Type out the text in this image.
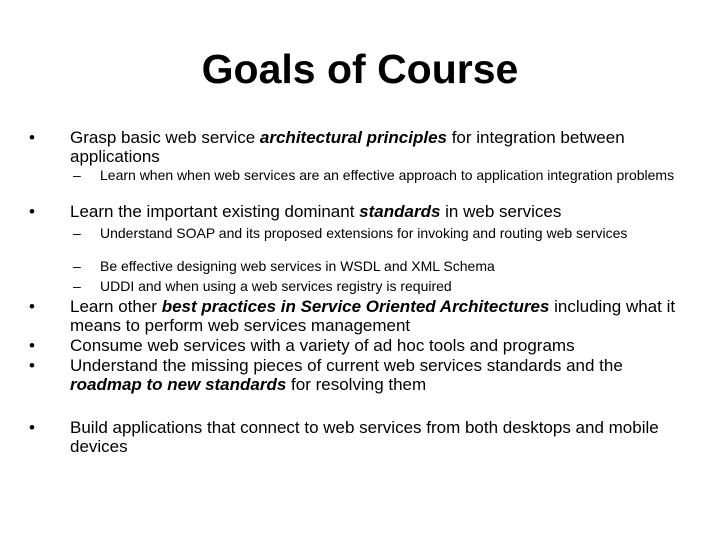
Goals of Course
• Grasp basic web service architectural principles for integration between applications
– Learn when when web services are an effective approach to application integration problems
• Learn the important existing dominant standards in web services
– Understand SOAP and its proposed extensions for invoking and routing web services
– Be effective designing web services in WSDL and XML Schema
– UDDI and when using a web services registry is required
• Learn other best practices in Service Oriented Architectures including what it means to perform web services management
• Consume web services with a variety of ad hoc tools and programs
• Understand the missing pieces of current web services standards and the roadmap to new standards for resolving them
• Build applications that connect to web services from both desktops and mobile devices
